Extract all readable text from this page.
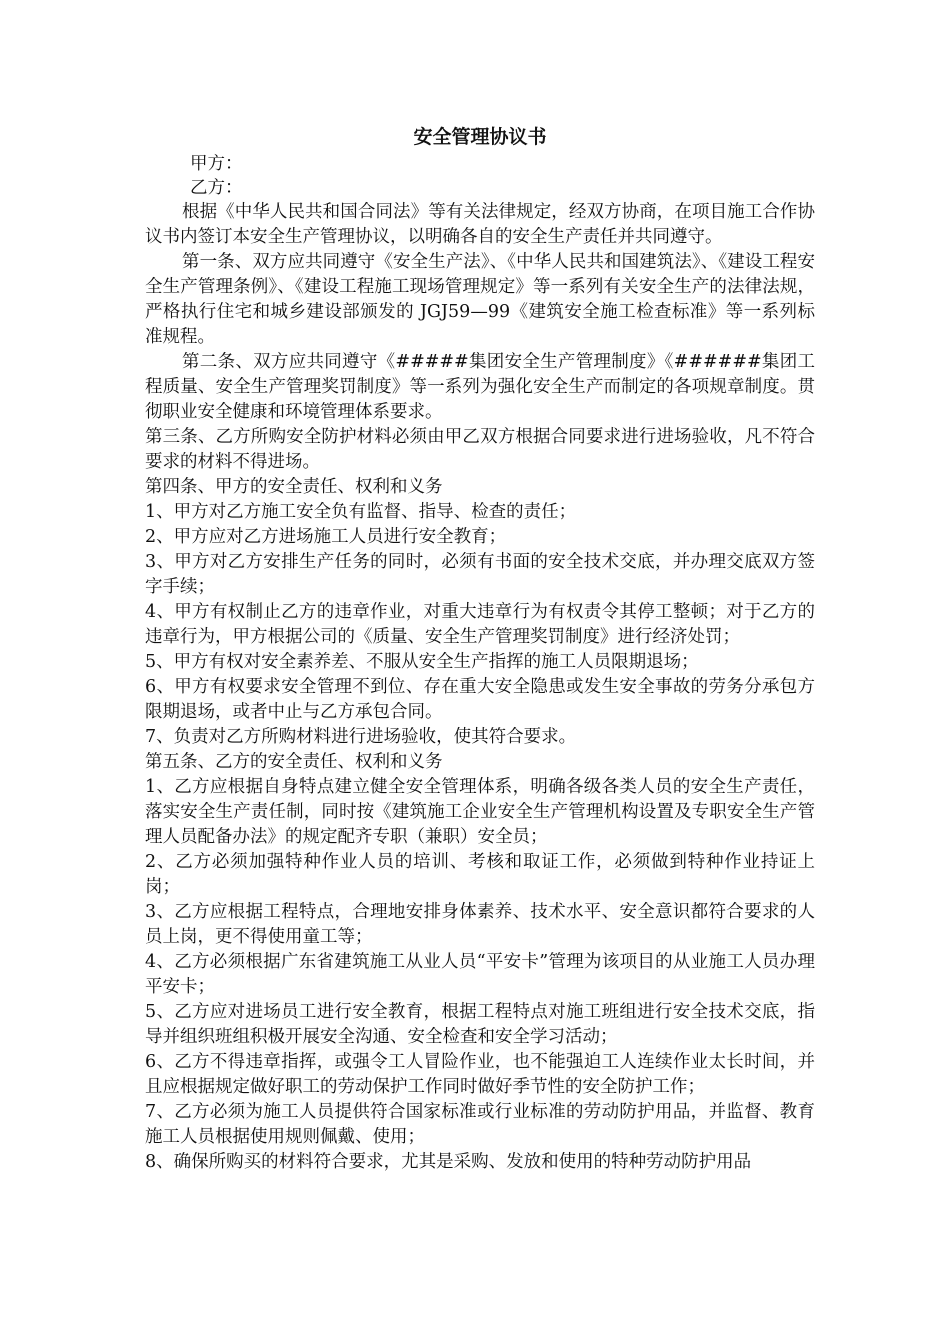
安全管理协议书
甲方：
乙方：

根据《中华人民共和国合同法》等有关法律规定，经双方协商，在项目施工合作协议书内签订本安全生产管理协议，以明确各自的安全生产责任并共同遵守。

第一条、双方应共同遵守《安全生产法》、《中华人民共和国建筑法》、《建设工程安全生产管理条例》、《建设工程施工现场管理规定》等一系列有关安全生产的法律法规，严格执行住宅和城乡建设部颁发的 JGJ59—99《建筑安全施工检查标准》等一系列标准规程。

第二条、双方应共同遵守《#####集团安全生产管理制度》《######集团工程质量、安全生产管理奖罚制度》等一系列为强化安全生产而制定的各项规章制度。贯彻职业安全健康和环境管理体系要求。

第三条、乙方所购安全防护材料必须由甲乙双方根据合同要求进行进场验收，凡不符合要求的材料不得进场。

第四条、甲方的安全责任、权利和义务

1、甲方对乙方施工安全负有监督、指导、检查的责任；

2、甲方应对乙方进场施工人员进行安全教育；

3、甲方对乙方安排生产任务的同时，必须有书面的安全技术交底，并办理交底双方签字手续；

4、甲方有权制止乙方的违章作业，对重大违章行为有权责令其停工整顿；对于乙方的违章行为，甲方根据公司的《质量、安全生产管理奖罚制度》进行经济处罚；

5、甲方有权对安全素养差、不服从安全生产指挥的施工人员限期退场；

6、甲方有权要求安全管理不到位、存在重大安全隐患或发生安全事故的劳务分承包方限期退场，或者中止与乙方承包合同。

7、负责对乙方所购材料进行进场验收，使其符合要求。

第五条、乙方的安全责任、权利和义务

1、乙方应根据自身特点建立健全安全管理体系，明确各级各类人员的安全生产责任，落实安全生产责任制，同时按《建筑施工企业安全生产管理机构设置及专职安全生产管理人员配备办法》的规定配齐专职（兼职）安全员；

2、乙方必须加强特种作业人员的培训、考核和取证工作，必须做到特种作业持证上岗；

3、乙方应根据工程特点，合理地安排身体素养、技术水平、安全意识都符合要求的人员上岗，更不得使用童工等；

4、乙方必须根据广东省建筑施工从业人员“平安卡”管理为该项目的从业施工人员办理平安卡；

5、乙方应对进场员工进行安全教育，根据工程特点对施工班组进行安全技术交底，指导并组织班组积极开展安全沟通、安全检查和安全学习活动；

6、乙方不得违章指挥，或强令工人冒险作业，也不能强迫工人连续作业太长时间，并且应根据规定做好职工的劳动保护工作同时做好季节性的安全防护工作；

7、乙方必须为施工人员提供符合国家标准或行业标准的劳动防护用品，并监督、教育施工人员根据使用规则佩戴、使用；

8、确保所购买的材料符合要求，尤其是采购、发放和使用的特种劳动防护用品
